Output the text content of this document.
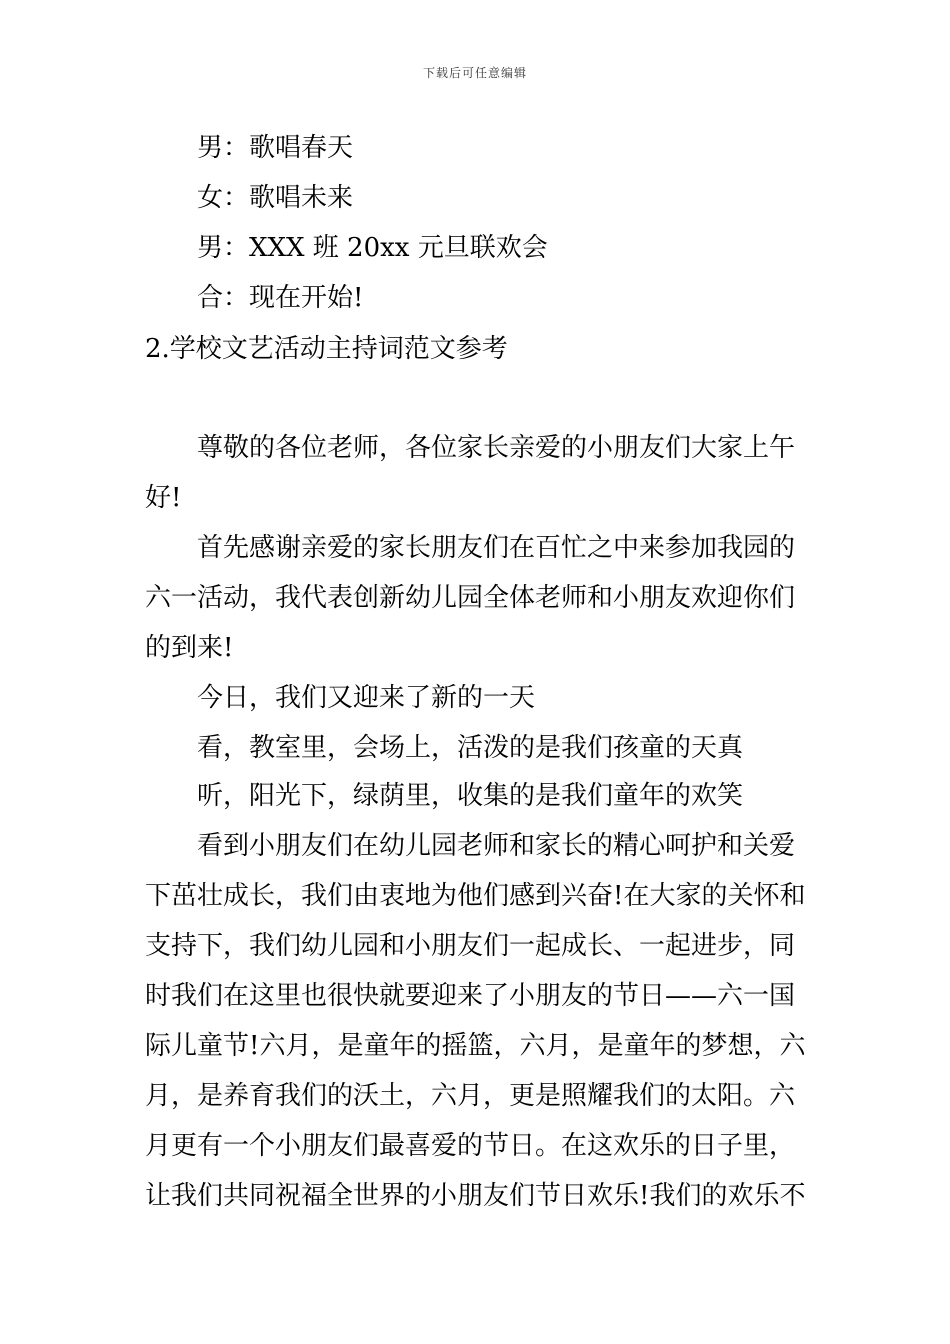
下载后可任意编辑
男：歌唱春天
女：歌唱未来
男：XXX 班 20xx 元旦联欢会
合：现在开始!
2.学校文艺活动主持词范文参考
尊敬的各位老师，各位家长亲爱的小朋友们大家上午
好!
首先感谢亲爱的家长朋友们在百忙之中来参加我园的
六一活动，我代表创新幼儿园全体老师和小朋友欢迎你们
的到来!
今日，我们又迎来了新的一天
看，教室里，会场上，活泼的是我们孩童的天真
听，阳光下，绿荫里，收集的是我们童年的欢笑
看到小朋友们在幼儿园老师和家长的精心呵护和关爱
下茁壮成长，我们由衷地为他们感到兴奋!在大家的关怀和
支持下，我们幼儿园和小朋友们一起成长、一起进步，同
时我们在这里也很快就要迎来了小朋友的节日——六一国
际儿童节!六月，是童年的摇篮，六月，是童年的梦想，六
月，是养育我们的沃土，六月，更是照耀我们的太阳。六
月更有一个小朋友们最喜爱的节日。在这欢乐的日子里，
让我们共同祝福全世界的小朋友们节日欢乐!我们的欢乐不
